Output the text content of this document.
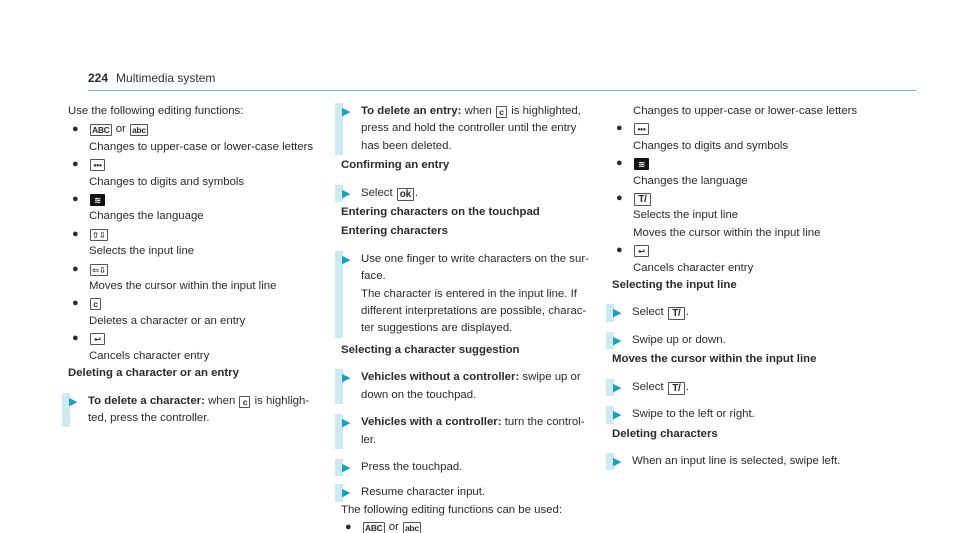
224 Multimedia system

Use the following editing functions:

● ABC or abc
Changes to upper-case or lower-case letters
● •••
Changes to digits and symbols
● ≋
Changes the language
● ⇧⇩
Selects the input line
● ⇦⇩
Moves the cursor within the input line
● c
Deletes a character or an entry
● ↩
Cancels character entry

Deleting a character or an entry

▶ To delete a character: when c is highligh-
ted, press the controller.
▶ To delete an entry: when c is highlighted,
press and hold the controller until the entry
has been deleted.

Confirming an entry

▶ Select ok .

Entering characters on the touchpad

Entering characters

▶ Use one finger to write characters on the sur-
face.
The character is entered in the input line. If
different interpretations are possible, charac-
ter suggestions are displayed.

Selecting a character suggestion

▶ Vehicles without a controller: swipe up or
down on the touchpad.
▶ Vehicles with a controller: turn the control-
ler.
▶ Press the touchpad.
▶ Resume character input.

The following editing functions can be used:

● ABC or abc

Changes to upper-case or lower-case letters

● •••
Changes to digits and symbols
● ≋
Changes the language
● T/
Selects the input line
Moves the cursor within the input line
● ↩
Cancels character entry

Selecting the input line

▶ Select T/ .
▶ Swipe up or down.

Moves the cursor within the input line

▶ Select T/ .
▶ Swipe to the left or right.

Deleting characters

▶ When an input line is selected, swipe left.
